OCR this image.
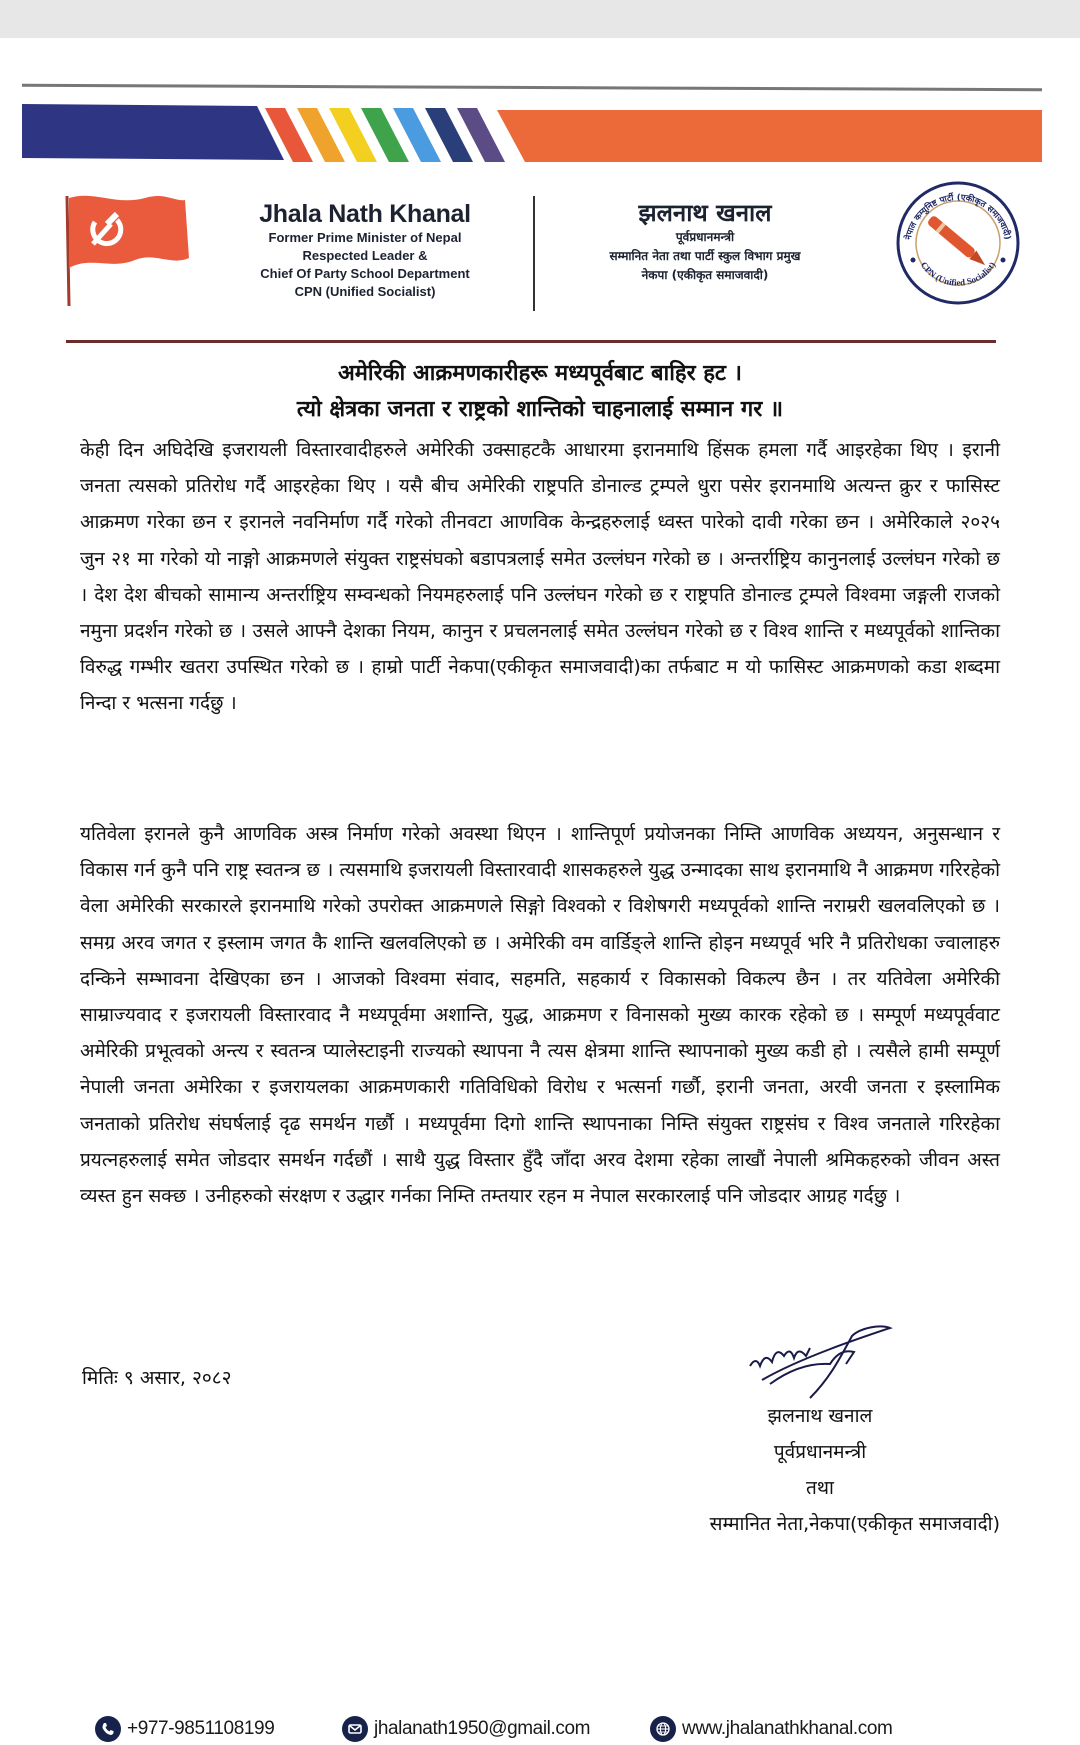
Jhala Nath Khanal
Former Prime Minister of Nepal
Respected Leader &
Chief Of Party School Department
CPN (Unified Socialist)
झलनाथ खनाल
पूर्वप्रधानमन्त्री
सम्मानित नेता तथा पार्टी स्कुल विभाग प्रमुख
नेकपा (एकीकृत समाजवादी)
नेपाल कम्युनिष्ट पार्टी (एकीकृत समाजवादी)
CPN (Unified Socialist)
अमेरिकी आक्रमणकारीहरू मध्यपूर्वबाट बाहिर हट ।
त्यो क्षेत्रका जनता र राष्ट्रको शान्तिको चाहनालाई सम्मान गर ॥

केही दिन अघिदेखि इजरायली विस्तारवादीहरुले अमेरिकी उक्साहटकै आधारमा इरानमाथि हिंसक हमला गर्दै आइरहेका थिए । इरानी जनता त्यसको प्रतिरोध गर्दै आइरहेका थिए । यसै बीच अमेरिकी राष्ट्रपति डोनाल्ड ट्रम्पले धुरा पसेर इरानमाथि अत्यन्त क्रुर र फासिस्ट आक्रमण गरेका छन र इरानले नवनिर्माण गर्दै गरेको तीनवटा आणविक केन्द्रहरुलाई ध्वस्त पारेको दावी गरेका छन । अमेरिकाले २०२५ जुन २१ मा गरेको यो नाङ्गो आक्रमणले संयुक्त राष्ट्रसंघको बडापत्रलाई समेत उल्लंघन गरेको छ । अन्तर्राष्ट्रिय कानुनलाई उल्लंघन गरेको छ । देश देश बीचको सामान्य अन्तर्राष्ट्रिय सम्वन्धको नियमहरुलाई पनि उल्लंघन गरेको छ र राष्ट्रपति डोनाल्ड ट्रम्पले विश्वमा जङ्गली राजको नमुना प्रदर्शन गरेको छ । उसले आफ्नै देशका नियम, कानुन र प्रचलनलाई समेत उल्लंघन गरेको छ र विश्व शान्ति र मध्यपूर्वको शान्तिका विरुद्ध गम्भीर खतरा उपस्थित गरेको छ । हाम्रो पार्टी नेकपा(एकीकृत समाजवादी)का तर्फबाट म यो फासिस्ट आक्रमणको कडा शब्दमा निन्दा र भत्सना गर्दछु ।

यतिवेला इरानले कुनै आणविक अस्त्र निर्माण गरेको अवस्था थिएन । शान्तिपूर्ण प्रयोजनका निम्ति आणविक अध्ययन, अनुसन्धान र विकास गर्न कुनै पनि राष्ट्र स्वतन्त्र छ । त्यसमाथि इजरायली विस्तारवादी शासकहरुले युद्ध उन्मादका साथ इरानमाथि नै आक्रमण गरिरहेको वेला अमेरिकी सरकारले इरानमाथि गरेको उपरोक्त आक्रमणले सिङ्गो विश्वको र विशेषगरी मध्यपूर्वको शान्ति नराम्ररी खलवलिएको छ । समग्र अरव जगत र इस्लाम जगत कै शान्ति खलवलिएको छ । अमेरिकी वम वार्डिङ्ले शान्ति होइन मध्यपूर्व भरि नै प्रतिरोधका ज्वालाहरु दन्किने सम्भावना देखिएका छन । आजको विश्वमा संवाद, सहमति, सहकार्य र विकासको विकल्प छैन । तर यतिवेला अमेरिकी साम्राज्यवाद र इजरायली विस्तारवाद नै मध्यपूर्वमा अशान्ति, युद्ध, आक्रमण र विनासको मुख्य कारक रहेको छ । सम्पूर्ण मध्यपूर्ववाट अमेरिकी प्रभूत्वको अन्त्य र स्वतन्त्र प्यालेस्टाइनी राज्यको स्थापना नै त्यस क्षेत्रमा शान्ति स्थापनाको मुख्य कडी हो । त्यसैले हामी सम्पूर्ण नेपाली जनता अमेरिका र इजरायलका आक्रमणकारी गतिविधिको विरोध र भत्सर्ना गर्छौ, इरानी जनता, अरवी जनता र इस्लामिक जनताको प्रतिरोध संघर्षलाई दृढ समर्थन गर्छौ । मध्यपूर्वमा दिगो शान्ति स्थापनाका निम्ति संयुक्त राष्ट्रसंघ र विश्व जनताले गरिरहेका प्रयत्नहरुलाई समेत जोडदार समर्थन गर्दछौं । साथै युद्ध विस्तार हुँदै जाँदा अरव देशमा रहेका लाखौं नेपाली श्रमिकहरुको जीवन अस्त व्यस्त हुन सक्छ । उनीहरुको संरक्षण र उद्धार गर्नका निम्ति तम्तयार रहन म नेपाल सरकारलाई पनि जोडदार आग्रह गर्दछु ।

मितिः ९ असार, २०८२
झलनाथ खनाल
पूर्वप्रधानमन्त्री
तथा
सम्मानित नेता,नेकपा(एकीकृत समाजवादी)
+977-9851108199	jhalanath1950@gmail.com	www.jhalanathkhanal.com
